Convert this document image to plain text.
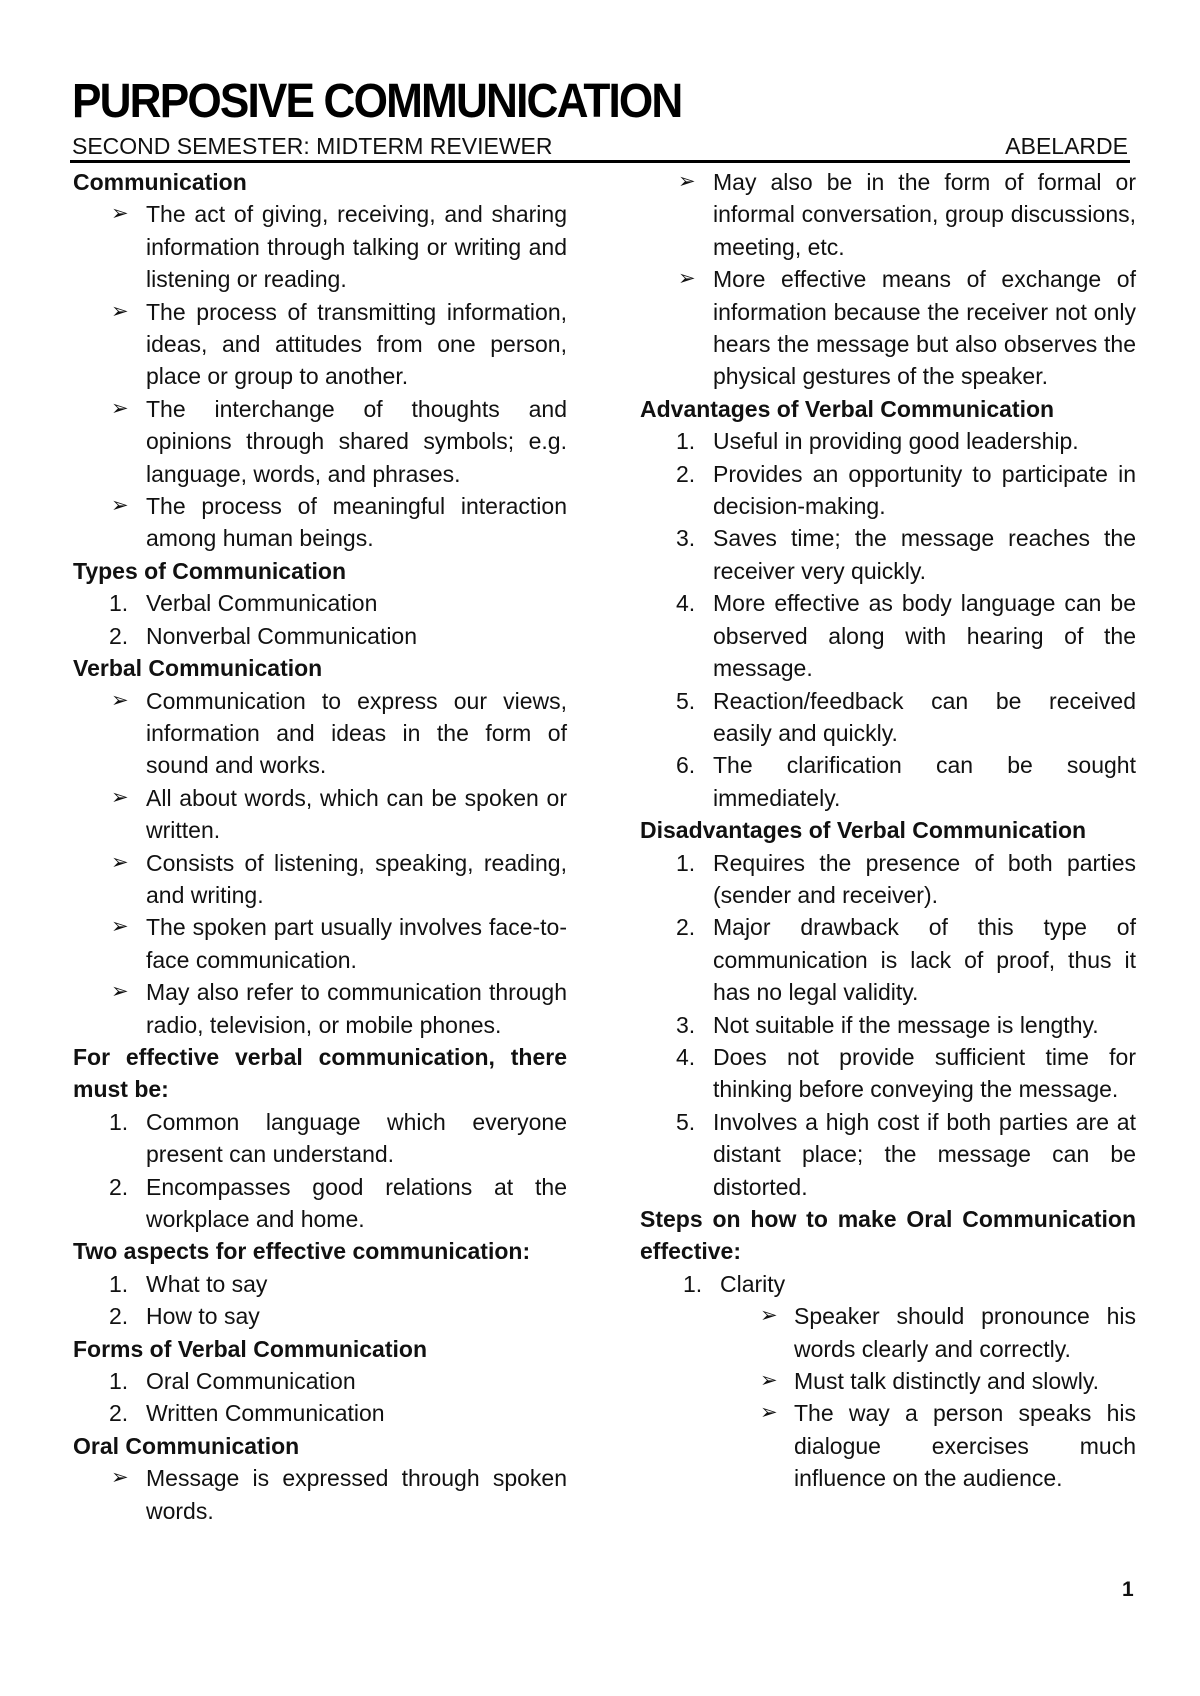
PURPOSIVE COMMUNICATION
SECOND SEMESTER: MIDTERM REVIEWER	ABELARDE
Communication
➢ The act of giving, receiving, and sharing information through talking or writing and listening or reading.
➢ The process of transmitting information, ideas, and attitudes from one person, place or group to another.
➢ The interchange of thoughts and opinions through shared symbols; e.g. language, words, and phrases.
➢ The process of meaningful interaction among human beings.
Types of Communication
1. Verbal Communication
2. Nonverbal Communication
Verbal Communication
➢ Communication to express our views, information and ideas in the form of sound and works.
➢ All about words, which can be spoken or written.
➢ Consists of listening, speaking, reading, and writing.
➢ The spoken part usually involves face-to-face communication.
➢ May also refer to communication through radio, television, or mobile phones.
For effective verbal communication, there must be:
1. Common language which everyone present can understand.
2. Encompasses good relations at the workplace and home.
Two aspects for effective communication:
1. What to say
2. How to say
Forms of Verbal Communication
1. Oral Communication
2. Written Communication
Oral Communication
➢ Message is expressed through spoken words.
➢ May also be in the form of formal or informal conversation, group discussions, meeting, etc.
➢ More effective means of exchange of information because the receiver not only hears the message but also observes the physical gestures of the speaker.
Advantages of Verbal Communication
1. Useful in providing good leadership.
2. Provides an opportunity to participate in decision-making.
3. Saves time; the message reaches the receiver very quickly.
4. More effective as body language can be observed along with hearing of the message.
5. Reaction/feedback can be received easily and quickly.
6. The clarification can be sought immediately.
Disadvantages of Verbal Communication
1. Requires the presence of both parties (sender and receiver).
2. Major drawback of this type of communication is lack of proof, thus it has no legal validity.
3. Not suitable if the message is lengthy.
4. Does not provide sufficient time for thinking before conveying the message.
5. Involves a high cost if both parties are at distant place; the message can be distorted.
Steps on how to make Oral Communication effective:
1. Clarity
➢ Speaker should pronounce his words clearly and correctly.
➢ Must talk distinctly and slowly.
➢ The way a person speaks his dialogue exercises much influence on the audience.
1
